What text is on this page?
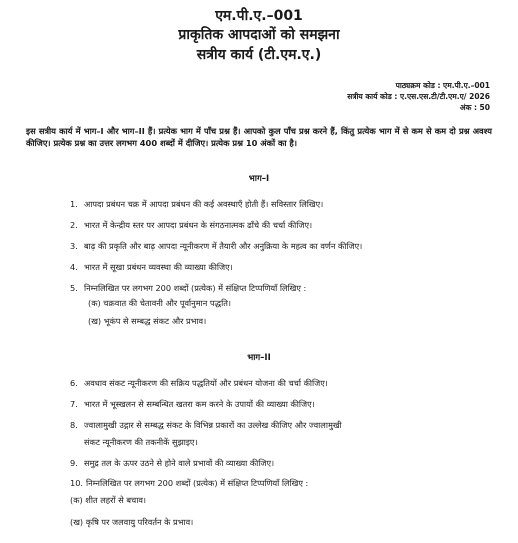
एम.पी.ए.–001
प्राकृतिक आपदाओं को समझना
सत्रीय कार्य (टी.एम.ए.)
पाठ्यक्रम कोड : एम.पी.ए.–001
सत्रीय कार्य कोड : ए.एस.एस.टी/टी.एम.ए/ 2026
अंक : 50
इस सत्रीय कार्य में भाग–I और भाग–II हैं। प्रत्येक भाग में पाँच प्रश्न हैं। आपको कुल पाँच प्रश्न करने हैं, किंतु प्रत्येक भाग में से कम से कम दो प्रश्न अवश्य कीजिए। प्रत्येक प्रश्न का उत्तर लगभग 400 शब्दों में दीजिए। प्रत्येक प्रश्न 10 अंकों का है।
भाग–I
1. आपदा प्रबंधन चक्र में आपदा प्रबंधन की कई अवस्थाएँ होती हैं। सविस्तार लिखिए।
2. भारत में केन्द्रीय स्तर पर आपदा प्रबंधन के संगठनात्मक ढाँचे की चर्चा कीजिए।
3. बाढ़ की प्रकृति और बाढ़ आपदा न्यूनीकरण में तैयारी और अनुक्रिया के महत्व का वर्णन कीजिए।
4. भारत में सूखा प्रबंधन व्यवस्था की व्याख्या कीजिए।
5. निम्नलिखित पर लगभग 200 शब्दों (प्रत्येक) में संक्षिप्त टिप्पणियाँ लिखिए :
(क) चक्रवात की चेतावनी और पूर्वानुमान पद्धति।
(ख) भूकंप से सम्बद्ध संकट और प्रभाव।
भाग–II
6. अवधाव संकट न्यूनीकरण की सक्रिय पद्धतियों और प्रबंधन योजना की चर्चा कीजिए।
7. भारत में भूस्खलन से सम्बन्धित खतरा कम करने के उपायों की व्याख्या कीजिए।
8. ज्वालामुखी उद्गार से सम्बद्ध संकट के विभिन्न प्रकारों का उल्लेख कीजिए और ज्वालामुखी
संकट न्यूनीकरण की तकनीकें सुझाइए।
9. समुद्र तल के ऊपर उठने से होने वाले प्रभावों की व्याख्या कीजिए।
10. निम्नलिखित पर लगभग 200 शब्दों (प्रत्येक) में संक्षिप्त टिप्पणियाँ लिखिए :
(क) शीत लहरों से बचाव।
(ख) कृषि पर जलवायु परिवर्तन के प्रभाव।
